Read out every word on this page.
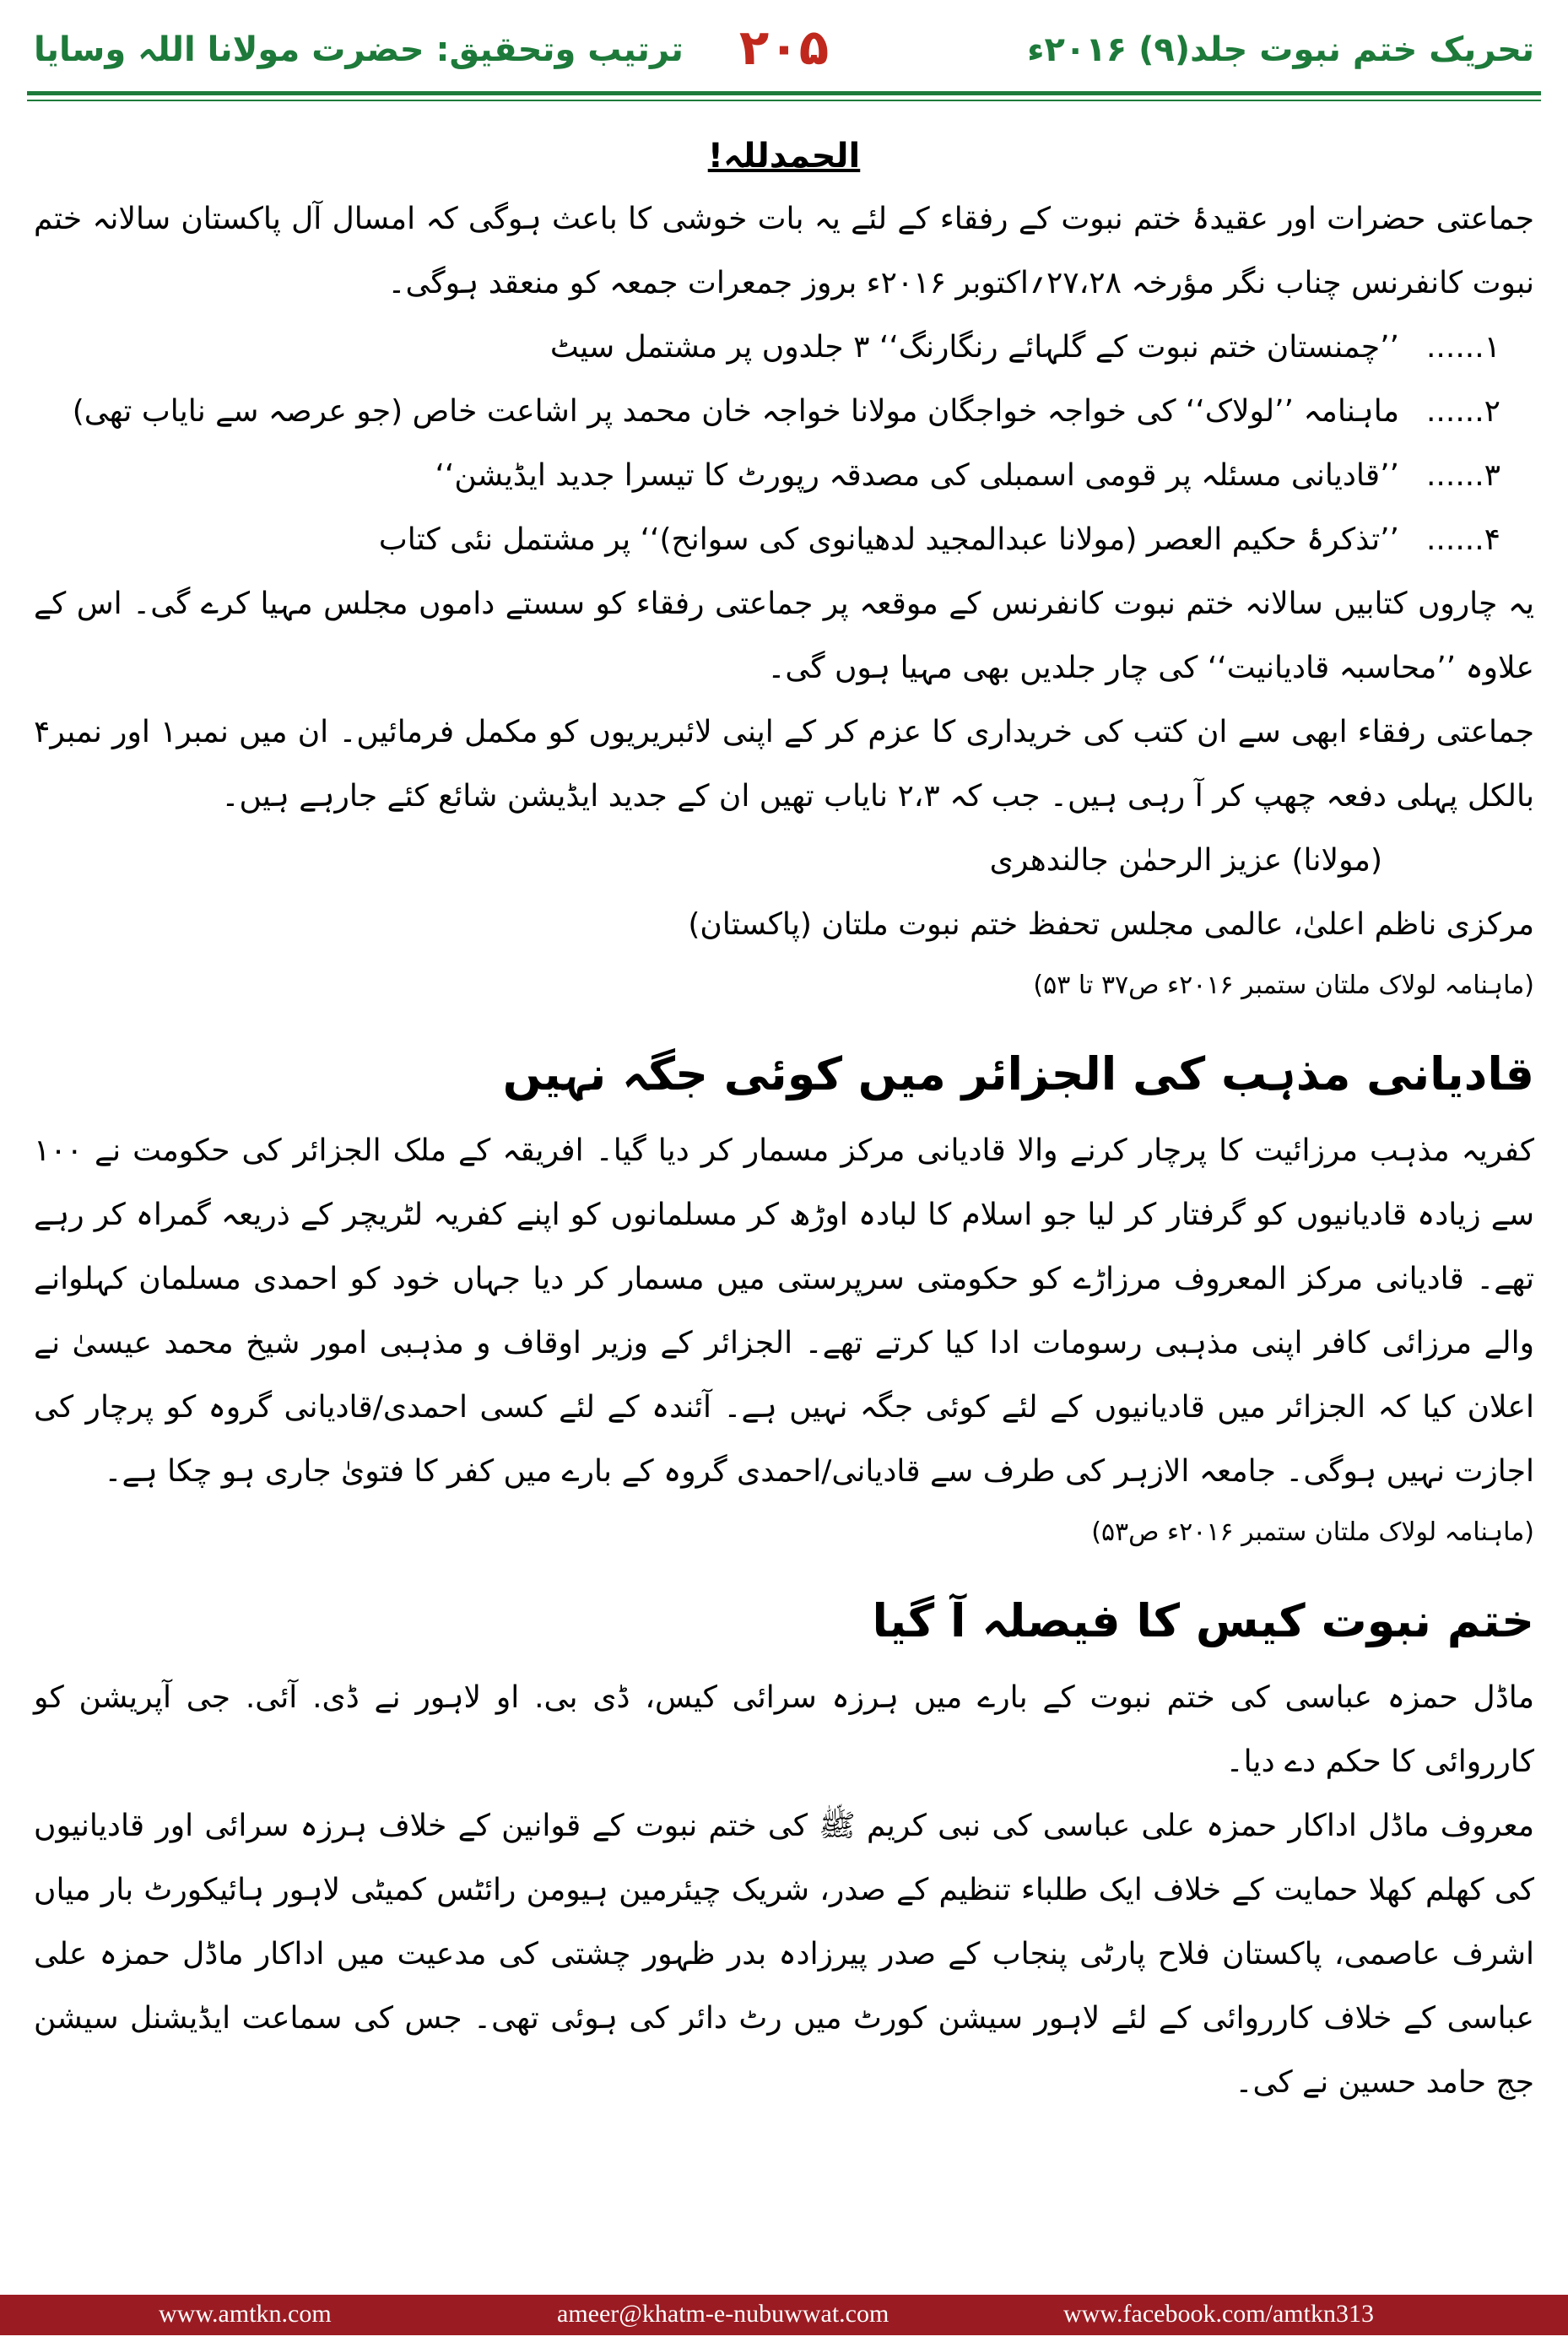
تحریک ختم نبوت جلد(۹) ۲۰۱۶ء
۲۰۵
ترتیب وتحقیق: حضرت مولانا اللہ وسایا
الحمدللہ!

جماعتی حضرات اور عقیدۂ ختم نبوت کے رفقاء کے لئے یہ بات خوشی کا باعث ہوگی کہ امسال آل پاکستان سالانہ ختم نبوت کانفرنس چناب نگر مؤرخہ ۲۷،۲۸؍اکتوبر ۲۰۱۶ء بروز جمعرات جمعہ کو منعقد ہوگی۔

۱......
’’چمنستان ختم نبوت کے گلہائے رنگارنگ‘‘ ۳ جلدوں پر مشتمل سیٹ
۲......
ماہنامہ ’’لولاک‘‘ کی خواجہ خواجگان مولانا خواجہ خان محمد پر اشاعت خاص (جو عرصہ سے نایاب تھی)
۳......
’’قادیانی مسئلہ پر قومی اسمبلی کی مصدقہ رپورٹ کا تیسرا جدید ایڈیشن‘‘
۴......
’’تذکرۂ حکیم العصر (مولانا عبدالمجید لدھیانوی کی سوانح)‘‘ پر مشتمل نئی کتاب

یہ چاروں کتابیں سالانہ ختم نبوت کانفرنس کے موقعہ پر جماعتی رفقاء کو سستے داموں مجلس مہیا کرے گی۔ اس کے علاوہ ’’محاسبہ قادیانیت‘‘ کی چار جلدیں بھی مہیا ہوں گی۔

جماعتی رفقاء ابھی سے ان کتب کی خریداری کا عزم کر کے اپنی لائبریریوں کو مکمل فرمائیں۔ ان میں نمبر۱ اور نمبر۴ بالکل پہلی دفعہ چھپ کر آ رہی ہیں۔ جب کہ ۲،۳ نایاب تھیں ان کے جدید ایڈیشن شائع کئے جارہے ہیں۔

(مولانا) عزیز الرحمٰن جالندھری
مرکزی ناظم اعلیٰ، عالمی مجلس تحفظ ختم نبوت ملتان (پاکستان)
(ماہنامہ لولاک ملتان ستمبر ۲۰۱۶ء ص۳۷ تا ۵۳)
قادیانی مذہب کی الجزائر میں کوئی جگہ نہیں

کفریہ مذہب مرزائیت کا پرچار کرنے والا قادیانی مرکز مسمار کر دیا گیا۔ افریقہ کے ملک الجزائر کی حکومت نے ۱۰۰ سے زیادہ قادیانیوں کو گرفتار کر لیا جو اسلام کا لبادہ اوڑھ کر مسلمانوں کو اپنے کفریہ لٹریچر کے ذریعہ گمراہ کر رہے تھے۔ قادیانی مرکز المعروف مرزاڑے کو حکومتی سرپرستی میں مسمار کر دیا جہاں خود کو احمدی مسلمان کہلوانے والے مرزائی کافر اپنی مذہبی رسومات ادا کیا کرتے تھے۔ الجزائر کے وزیر اوقاف و مذہبی امور شیخ محمد عیسیٰ نے اعلان کیا کہ الجزائر میں قادیانیوں کے لئے کوئی جگہ نہیں ہے۔ آئندہ کے لئے کسی احمدی/قادیانی گروہ کو پرچار کی اجازت نہیں ہوگی۔ جامعہ الازہر کی طرف سے قادیانی/احمدی گروہ کے بارے میں کفر کا فتویٰ جاری ہو چکا ہے۔

(ماہنامہ لولاک ملتان ستمبر ۲۰۱۶ء ص۵۳)
ختم نبوت کیس کا فیصلہ آ گیا

ماڈل حمزہ عباسی کی ختم نبوت کے بارے میں ہرزہ سرائی کیس، ڈی بی. او لاہور نے ڈی. آئی. جی آپریشن کو کارروائی کا حکم دے دیا۔

معروف ماڈل اداکار حمزہ علی عباسی کی نبی کریم ﷺ کی ختم نبوت کے قوانین کے خلاف ہرزہ سرائی اور قادیانیوں کی کھلم کھلا حمایت کے خلاف ایک طلباء تنظیم کے صدر، شریک چیئرمین ہیومن رائٹس کمیٹی لاہور ہائیکورٹ بار میاں اشرف عاصمی، پاکستان فلاح پارٹی پنجاب کے صدر پیرزادہ بدر ظہور چشتی کی مدعیت میں اداکار ماڈل حمزہ علی عباسی کے خلاف کارروائی کے لئے لاہور سیشن کورٹ میں رٹ دائر کی ہوئی تھی۔ جس کی سماعت ایڈیشنل سیشن جج حامد حسین نے کی۔

www.amtkn.com	ameer@khatm-e-nubuwwat.com	www.facebook.com/amtkn313
